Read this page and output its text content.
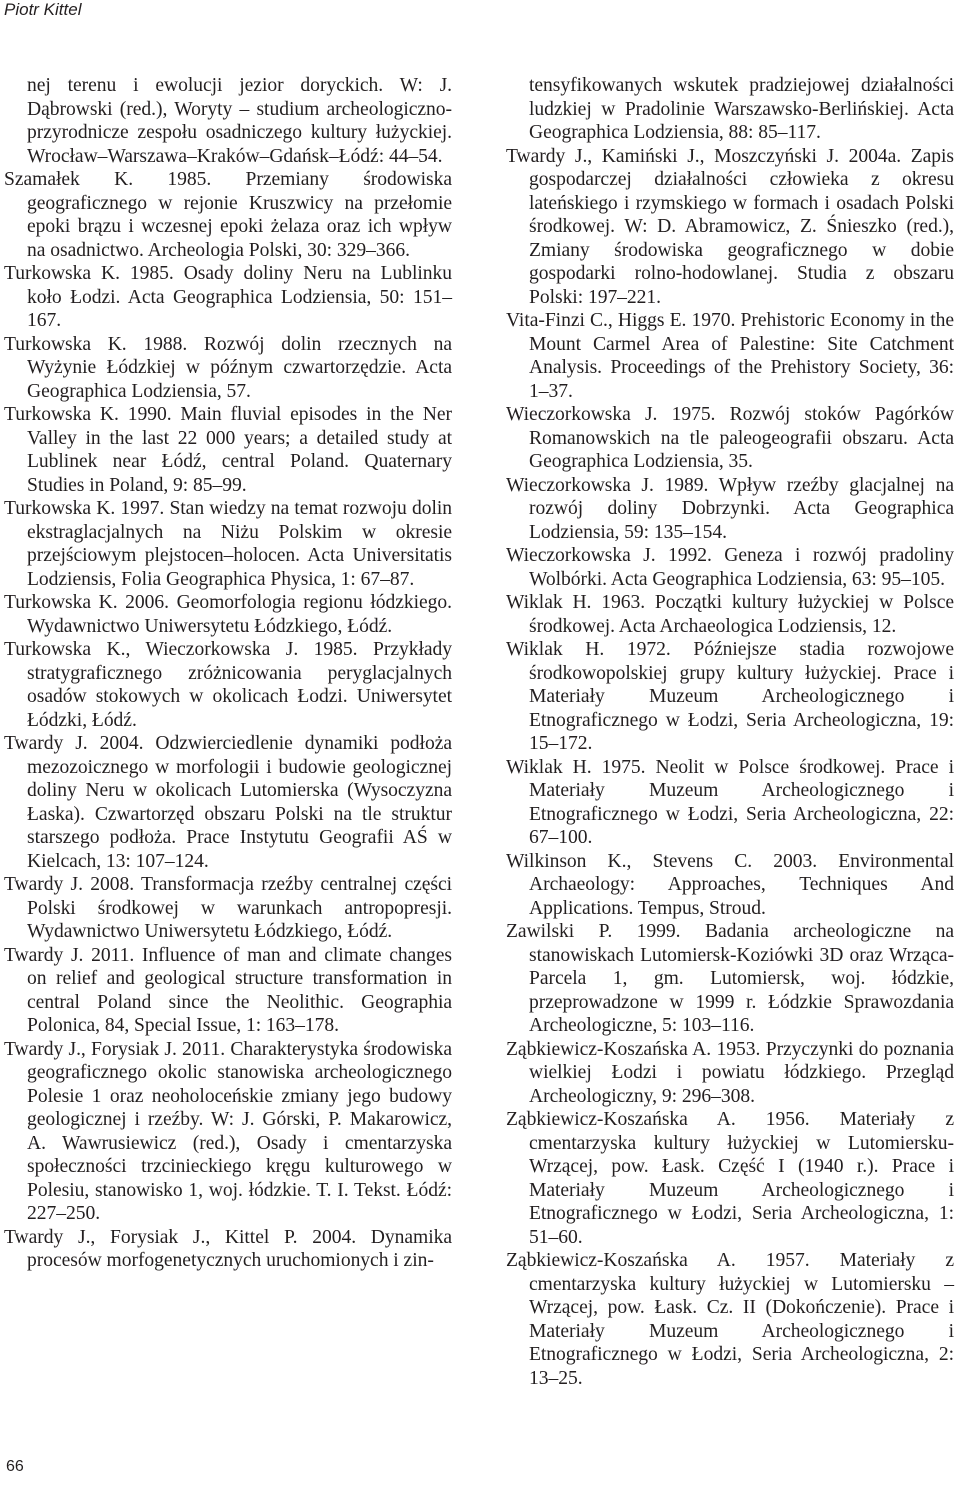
Piotr Kittel

nej terenu i ewolucji jezior doryckich. W: J. Dąbrowski (red.), Woryty – studium archeologiczno-przyrodnicze zespołu osadniczego kultury łużyckiej. Wrocław–Warszawa–Kraków–Gdańsk–Łódź: 44–54.

Szamałek K. 1985. Przemiany środowiska geograficznego w rejonie Kruszwicy na przełomie epoki brązu i wczesnej epoki żelaza oraz ich wpływ na osadnictwo. Archeologia Polski, 30: 329–366.

Turkowska K. 1985. Osady doliny Neru na Lublinku koło Łodzi. Acta Geographica Lodziensia, 50: 151–167.

Turkowska K. 1988. Rozwój dolin rzecznych na Wyżynie Łódzkiej w późnym czwartorzędzie. Acta Geographica Lodziensia, 57.

Turkowska K. 1990. Main fluvial episodes in the Ner Valley in the last 22 000 years; a detailed study at Lublinek near Łódź, central Poland. Quaternary Studies in Poland, 9: 85–99.

Turkowska K. 1997. Stan wiedzy na temat rozwoju dolin ekstraglacjalnych na Niżu Polskim w okresie przejściowym plejstocen–holocen. Acta Universitatis Lodziensis, Folia Geographica Physica, 1: 67–87.

Turkowska K. 2006. Geomorfologia regionu łódzkiego. Wydawnictwo Uniwersytetu Łódzkiego, Łódź.

Turkowska K., Wieczorkowska J. 1985. Przykłady stratygraficznego zróżnicowania peryglacjalnych osadów stokowych w okolicach Łodzi. Uniwersytet Łódzki, Łódź.

Twardy J. 2004. Odzwierciedlenie dynamiki podłoża mezozoicznego w morfologii i budowie geologicznej doliny Neru w okolicach Lutomierska (Wysoczyzna Łaska). Czwartorzęd obszaru Polski na tle struktur starszego podłoża. Prace Instytutu Geografii AŚ w Kielcach, 13: 107–124.

Twardy J. 2008. Transformacja rzeźby centralnej części Polski środkowej w warunkach antropopresji. Wydawnictwo Uniwersytetu Łódzkiego, Łódź.

Twardy J. 2011. Influence of man and climate changes on relief and geological structure transformation in central Poland since the Neolithic. Geographia Polonica, 84, Special Issue, 1: 163–178.

Twardy J., Forysiak J. 2011. Charakterystyka środowiska geograficznego okolic stanowiska archeologicznego Polesie 1 oraz neoholoceńskie zmiany jego budowy geologicznej i rzeźby. W: J. Górski, P. Makarowicz, A. Wawrusiewicz (red.), Osady i cmentarzyska społeczności trzcinieckiego kręgu kulturowego w Polesiu, stanowisko 1, woj. łódzkie. T. I. Tekst. Łódź: 227–250.

Twardy J., Forysiak J., Kittel P. 2004. Dynamika procesów morfogenetycznych uruchomionych i zin-

tensyfikowanych wskutek pradziejowej działalności ludzkiej w Pradolinie Warszawsko-Berlińskiej. Acta Geographica Lodziensia, 88: 85–117.

Twardy J., Kamiński J., Moszczyński J. 2004a. Zapis gospodarczej działalności człowieka z okresu lateńskiego i rzymskiego w formach i osadach Polski środkowej. W: D. Abramowicz, Z. Śnieszko (red.), Zmiany środowiska geograficznego w dobie gospodarki rolno-hodowlanej. Studia z obszaru Polski: 197–221.

Vita-Finzi C., Higgs E. 1970. Prehistoric Economy in the Mount Carmel Area of Palestine: Site Catchment Analysis. Proceedings of the Prehistory Society, 36: 1–37.

Wieczorkowska J. 1975. Rozwój stoków Pagórków Romanowskich na tle paleogeografii obszaru. Acta Geographica Lodziensia, 35.

Wieczorkowska J. 1989. Wpływ rzeźby glacjalnej na rozwój doliny Dobrzynki. Acta Geographica Lodziensia, 59: 135–154.

Wieczorkowska J. 1992. Geneza i rozwój pradoliny Wolbórki. Acta Geographica Lodziensia, 63: 95–105.

Wiklak H. 1963. Początki kultury łużyckiej w Polsce środkowej. Acta Archaeologica Lodziensis, 12.

Wiklak H. 1972. Późniejsze stadia rozwojowe środkowopolskiej grupy kultury łużyckiej. Prace i Materiały Muzeum Archeologicznego i Etnograficznego w Łodzi, Seria Archeologiczna, 19: 15–172.

Wiklak H. 1975. Neolit w Polsce środkowej. Prace i Materiały Muzeum Archeologicznego i Etnograficznego w Łodzi, Seria Archeologiczna, 22: 67–100.

Wilkinson K., Stevens C. 2003. Environmental Archaeology: Approaches, Techniques And Applications. Tempus, Stroud.

Zawilski P. 1999. Badania archeologiczne na stanowiskach Lutomiersk-Koziówki 3D oraz Wrząca-Parcela 1, gm. Lutomiersk, woj. łódzkie, przeprowadzone w 1999 r. Łódzkie Sprawozdania Archeologiczne, 5: 103–116.

Ząbkiewicz-Koszańska A. 1953. Przyczynki do poznania wielkiej Łodzi i powiatu łódzkiego. Przegląd Archeologiczny, 9: 296–308.

Ząbkiewicz-Koszańska A. 1956. Materiały z cmentarzyska kultury łużyckiej w Lutomiersku-Wrzącej, pow. Łask. Część I (1940 r.). Prace i Materiały Muzeum Archeologicznego i Etnograficznego w Łodzi, Seria Archeologiczna, 1: 51–60.

Ząbkiewicz-Koszańska A. 1957. Materiały z cmentarzyska kultury łużyckiej w Lutomiersku – Wrzącej, pow. Łask. Cz. II (Dokończenie). Prace i Materiały Muzeum Archeologicznego i Etnograficznego w Łodzi, Seria Archeologiczna, 2: 13–25.

66
